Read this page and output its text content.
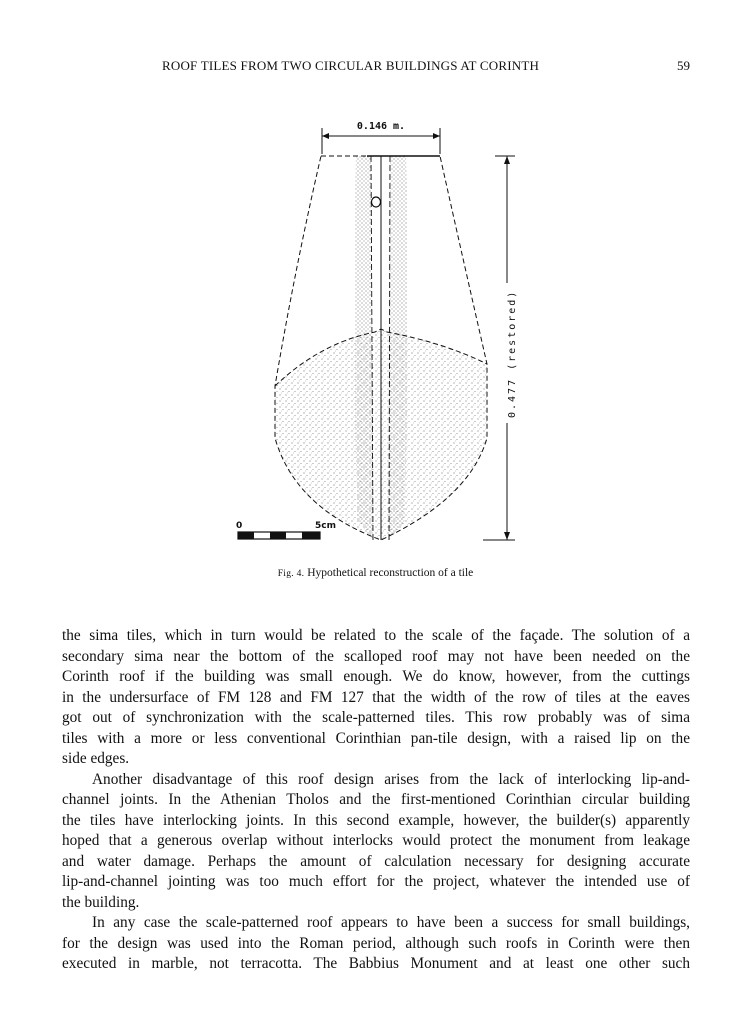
ROOF TILES FROM TWO CIRCULAR BUILDINGS AT CORINTH	59
0.146 m.
0.477 (restored)
0	5cm
Fig. 4. Hypothetical reconstruction of a tile

the sima tiles, which in turn would be related to the scale of the façade. The solution of a
secondary sima near the bottom of the scalloped roof may not have been needed on the
Corinth roof if the building was small enough. We do know, however, from the cuttings
in the undersurface of FM 128 and FM 127 that the width of the row of tiles at the eaves
got out of synchronization with the scale-patterned tiles. This row probably was of sima
tiles with a more or less conventional Corinthian pan-tile design, with a raised lip on the
side edges.

Another disadvantage of this roof design arises from the lack of interlocking lip-and-
channel joints. In the Athenian Tholos and the first-mentioned Corinthian circular building
the tiles have interlocking joints. In this second example, however, the builder(s) apparently
hoped that a generous overlap without interlocks would protect the monument from leakage
and water damage. Perhaps the amount of calculation necessary for designing accurate
lip-and-channel jointing was too much effort for the project, whatever the intended use of
the building.

In any case the scale-patterned roof appears to have been a success for small buildings,
for the design was used into the Roman period, although such roofs in Corinth were then
executed in marble, not terracotta. The Babbius Monument and at least one other such
